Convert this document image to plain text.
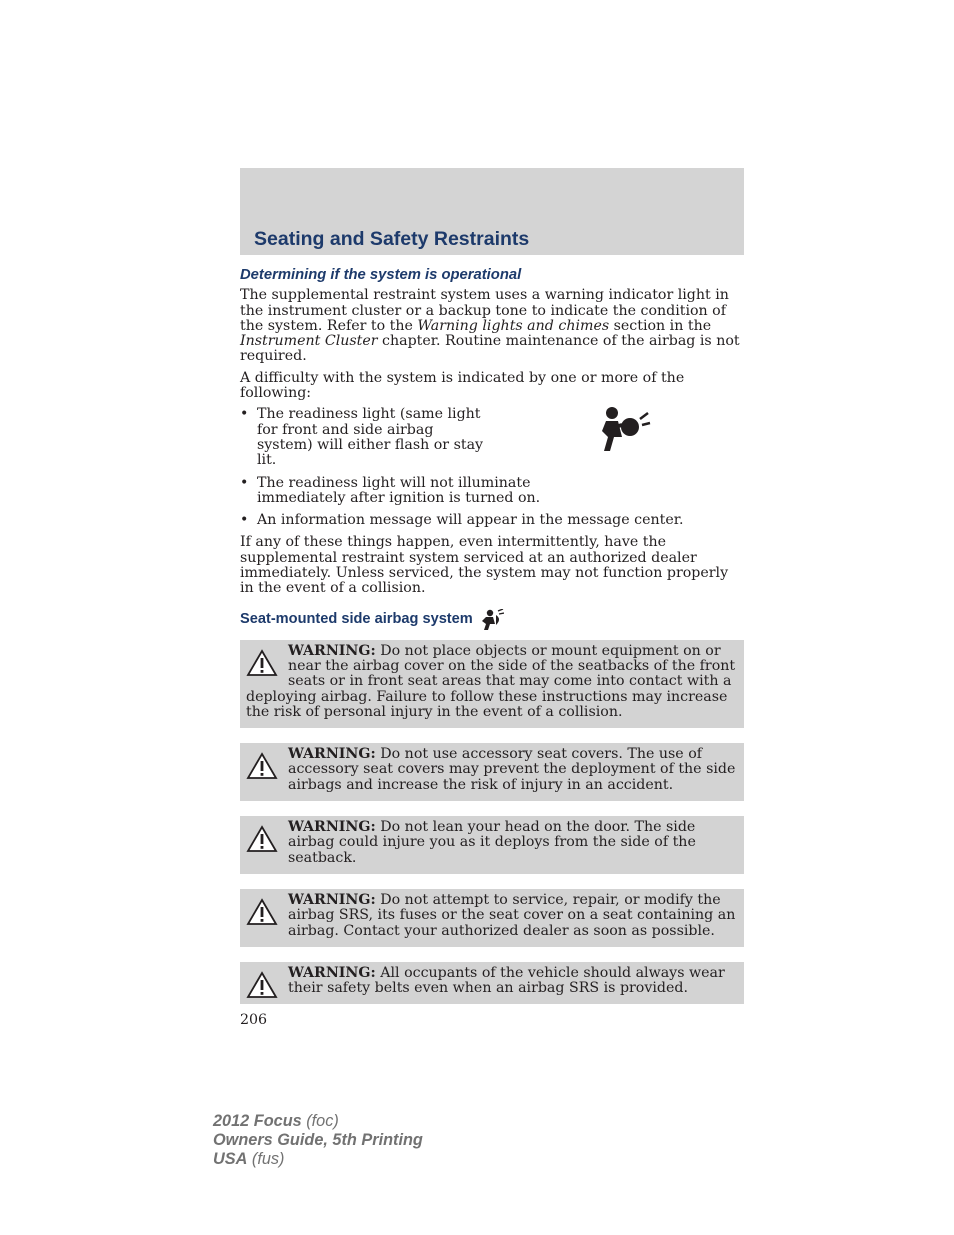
Seating and Safety Restraints
Determining if the system is operational

The supplemental restraint system uses a warning indicator light in the instrument cluster or a backup tone to indicate the condition of the system. Refer to the Warning lights and chimes section in the Instrument Cluster chapter. Routine maintenance of the airbag is not required.

A difficulty with the system is indicated by one or more of the following:

• The readiness light (same light for front and side airbag system) will either flash or stay lit.
• The readiness light will not illuminate immediately after ignition is turned on.
• An information message will appear in the message center.

If any of these things happen, even intermittently, have the supplemental restraint system serviced at an authorized dealer immediately. Unless serviced, the system may not function properly in the event of a collision.

Seat-mounted side airbag system
WARNING: Do not place objects or mount equipment on or near the airbag cover on the side of the seatbacks of the front seats or in front seat areas that may come into contact with a deploying airbag. Failure to follow these instructions may increase the risk of personal injury in the event of a collision.
WARNING: Do not use accessory seat covers. The use of accessory seat covers may prevent the deployment of the side airbags and increase the risk of injury in an accident.
WARNING: Do not lean your head on the door. The side airbag could injure you as it deploys from the side of the seatback.
WARNING: Do not attempt to service, repair, or modify the airbag SRS, its fuses or the seat cover on a seat containing an airbag. Contact your authorized dealer as soon as possible.
WARNING: All occupants of the vehicle should always wear their safety belts even when an airbag SRS is provided.
206
2012 Focus (foc)
Owners Guide, 5th Printing
USA (fus)
